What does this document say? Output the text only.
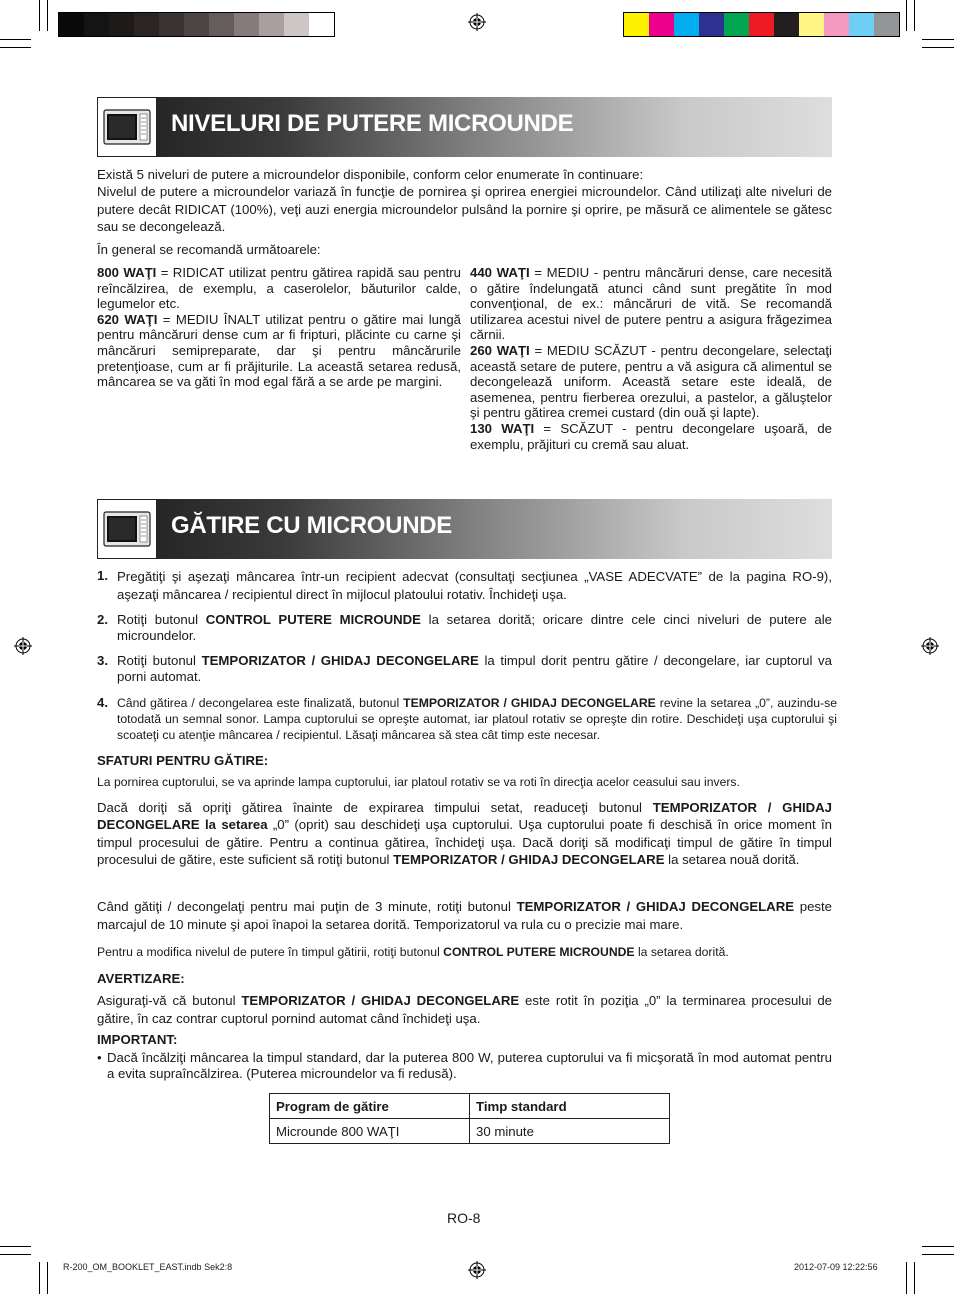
NIVELURI DE PUTERE MICROUNDE

Există 5 niveluri de putere a microundelor disponibile, conform celor enumerate în continuare:

Nivelul de putere a microundelor variază în funcţie de pornirea şi oprirea energiei microundelor. Când utilizaţi alte niveluri de putere decât RIDICAT (100%), veţi auzi energia microundelor pulsând la pornire şi oprire, pe măsură ce alimentele se gătesc sau se decongelează.

În general se recomandă următoarele:

800 WAŢI = RIDICAT utilizat pentru gătirea rapidă sau pentru reîncălzirea, de exemplu, a caserolelor, băuturilor calde, legumelor etc.

620 WAŢI = MEDIU ÎNALT utilizat pentru o gătire mai lungă pentru mâncăruri dense cum ar fi fripturi, plăcinte cu carne şi mâncăruri semipreparate, dar şi pentru mâncărurile pretenţioase, cum ar fi prăjiturile. La aceastã setarea redusă, mâncarea se va găti în mod egal fără a se arde pe margini.

440 WAŢI = MEDIU - pentru mâncăruri dense, care necesită o gătire îndelungată atunci când sunt pregătite în mod convenţional, de ex.: mâncăruri de vită. Se recomandă utilizarea acestui nivel de putere pentru a asigura frăgezimea cărnii.

260 WAŢI = MEDIU SCĂZUT - pentru decongelare, selectaţi această setare de putere, pentru a vă asigura că alimentul se decongelează uniform. Această setare este ideală, de asemenea, pentru fierberea orezului, a pastelor, a găluştelor şi pentru gătirea cremei custard (din ouă şi lapte).

130 WAŢI = SCĂZUT - pentru decongelare uşoară, de exemplu, prăjituri cu cremă sau aluat.

GĂTIRE CU MICROUNDE
1. Pregătiţi şi aşezaţi mâncarea într-un recipient adecvat (consultaţi secţiunea „VASE ADECVATE” de la pagina RO-9), aşezaţi mâncarea / recipientul direct în mijlocul platoului rotativ. Închideţi uşa.
2. Rotiţi butonul CONTROL PUTERE MICROUNDE la setarea dorită; oricare dintre cele cinci niveluri de putere ale microundelor.
3. Rotiţi butonul TEMPORIZATOR / GHIDAJ DECONGELARE la timpul dorit pentru gătire / decongelare, iar cuptorul va porni automat.
4. Când gătirea / decongelarea este finalizată, butonul TEMPORIZATOR / GHIDAJ DECONGELARE revine la setarea „0”, auzindu-se totodată un semnal sonor. Lampa cuptorului se opreşte automat, iar platoul rotativ se opreşte din rotire. Deschideţi uşa cuptorului şi scoateţi cu atenţie mâncarea / recipientul. Lăsaţi mâncarea să stea cât timp este necesar.
SFATURI PENTRU GĂTIRE:
La pornirea cuptorului, se va aprinde lampa cuptorului, iar platoul rotativ se va roti în direcţia acelor ceasului sau invers.
Dacă doriţi să opriţi gătirea înainte de expirarea timpului setat, readuceţi butonul TEMPORIZATOR / GHIDAJ DECONGELARE la setarea „0” (oprit) sau deschideţi uşa cuptorului. Uşa cuptorului poate fi deschisă în orice moment în timpul procesului de gătire. Pentru a continua gătirea, închideţi uşa. Dacă doriţi să modificaţi timpul de gătire în timpul procesului de gătire, este suficient să rotiţi butonul TEMPORIZATOR / GHIDAJ DECONGELARE la setarea nouă dorită.
Când gătiţi / decongelaţi pentru mai puţin de 3 minute, rotiţi butonul TEMPORIZATOR / GHIDAJ DECONGELARE peste marcajul de 10 minute şi apoi înapoi la setarea dorită. Temporizatorul va rula cu o precizie mai mare.
Pentru a modifica nivelul de putere în timpul gătirii, rotiţi butonul CONTROL PUTERE MICROUNDE la setarea dorită.
AVERTIZARE:
Asiguraţi-vă că butonul TEMPORIZATOR / GHIDAJ DECONGELARE este rotit în poziţia „0” la terminarea procesului de gătire, în caz contrar cuptorul pornind automat când închideţi uşa.
IMPORTANT:
• Dacă încălziţi mâncarea la timpul standard, dar la puterea 800 W, puterea cuptorului va fi micşorată în mod automat pentru a evita supraîncălzirea. (Puterea microundelor va fi redusă).
Program de gătire	Timp standard
Microunde 800 WAŢI	30 minute
RO-8
R-200_OM_BOOKLET_EAST.indb Sek2:8	2012-07-09 12:22:56
